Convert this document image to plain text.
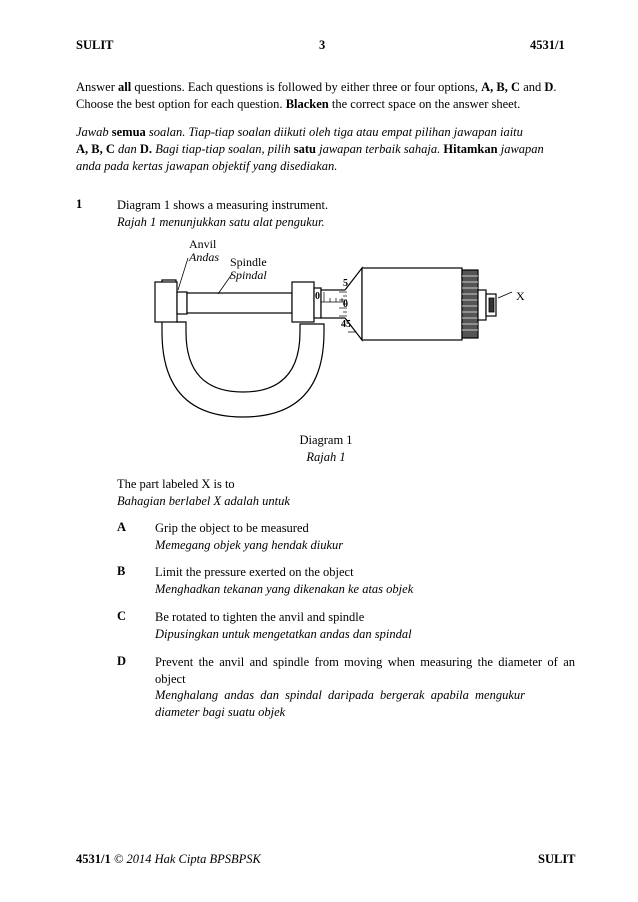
SULIT	3	4531/1
Answer all questions. Each questions is followed by either three or four options, A, B, C and D.
Choose the best option for each question. Blacken the correct space on the answer sheet.
Jawab semua soalan. Tiap-tiap soalan diikuti oleh tiga atau empat pilihan jawapan iaitu
A, B, C dan D. Bagi tiap-tiap soalan, pilih satu jawapan terbaik sahaja. Hitamkan jawapan
anda pada kertas jawapan objektif yang disediakan.
1	Diagram 1 shows a measuring instrument.
Rajah 1 menunjukkan satu alat pengukur.
Anvil
Andas Spindle
Spindal
X
0
5
0
45
Diagram 1
Rajah 1
The part labeled X is to
Bahagian berlabel X adalah untuk
A Grip the object to be measured
Memegang objek yang hendak diukur
B Limit the pressure exerted on the object
Menghadkan tekanan yang dikenakan ke atas objek
C Be rotated to tighten the anvil and spindle
Dipusingkan untuk mengetatkan andas dan spindal
D Prevent the anvil and spindle from moving when measuring the diameter of an object
Menghalang andas dan spindal daripada bergerak apabila mengukur diameter bagi suatu objek
4531/1 © 2014 Hak Cipta BPSBPSK	SULIT
